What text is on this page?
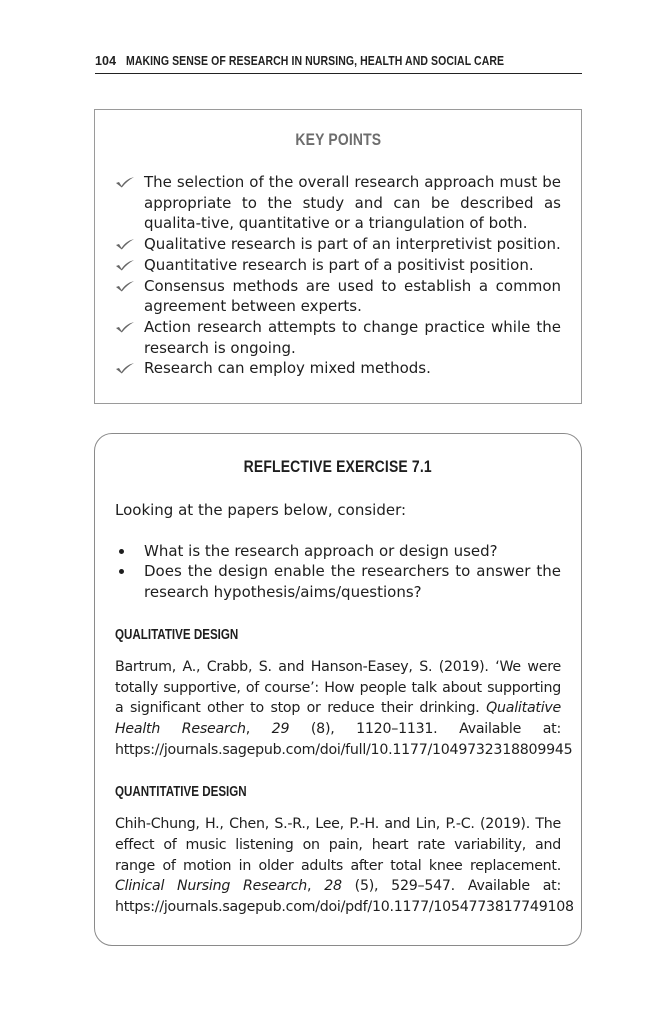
104 MAKING SENSE OF RESEARCH IN NURSING, HEALTH AND SOCIAL CARE
KEY POINTS
The selection of the overall research approach must be appropriate to the study and can be described as qualita-tive, quantitative or a triangulation of both.
Qualitative research is part of an interpretivist position.
Quantitative research is part of a positivist position.
Consensus methods are used to establish a common agreement between experts.
Action research attempts to change practice while the research is ongoing.
Research can employ mixed methods.
REFLECTIVE EXERCISE 7.1

Looking at the papers below, consider:

What is the research approach or design used?
Does the design enable the researchers to answer the research hypothesis/aims/questions?
QUALITATIVE DESIGN

Bartrum, A., Crabb, S. and Hanson-Easey, S. (2019). ‘We were totally supportive, of course’: How people talk about supporting a significant other to stop or reduce their drinking. Qualitative Health Research, 29 (8), 1120–1131. Available at: https://journals.sagepub.com/doi/full/10.1177/1049732318809945

QUANTITATIVE DESIGN

Chih-Chung, H., Chen, S.-R., Lee, P.-H. and Lin, P.-C. (2019). The effect of music listening on pain, heart rate variability, and range of motion in older adults after total knee replacement. Clinical Nursing Research, 28 (5), 529–547. Available at: https://journals.sagepub.com/doi/pdf/10.1177/1054773817749108
